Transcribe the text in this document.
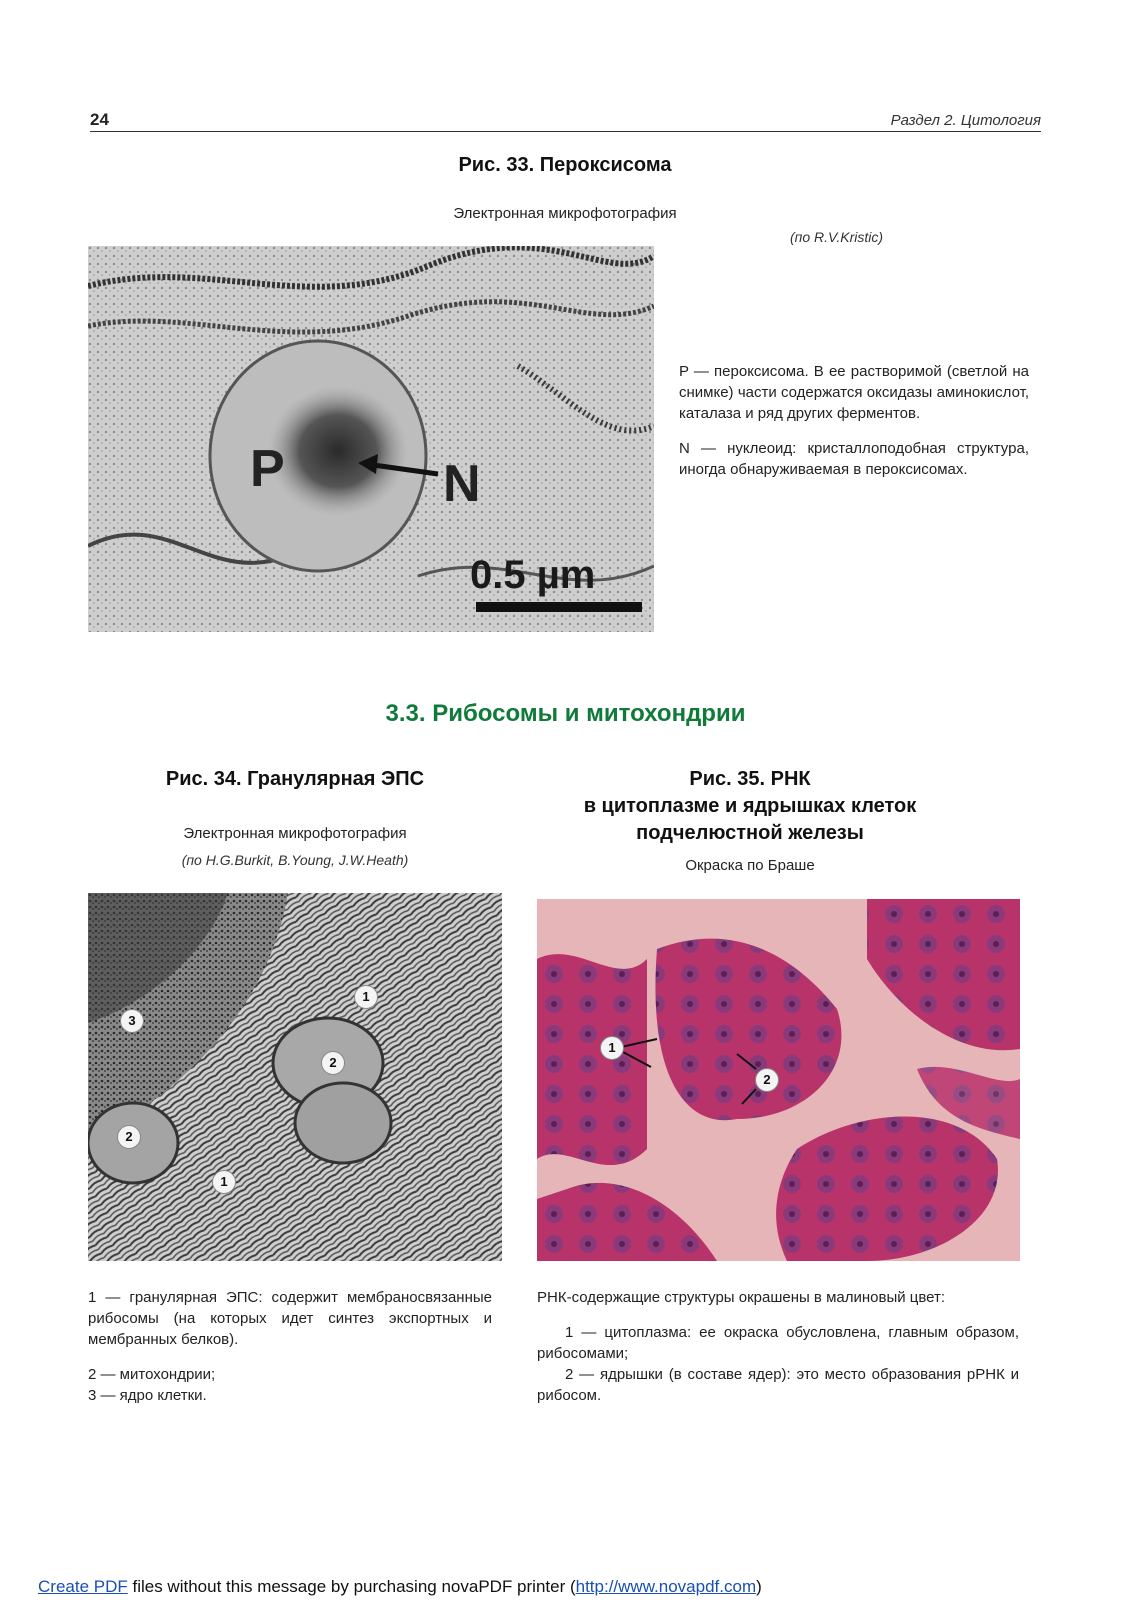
24	Раздел 2. Цитология
Рис. 33. Пероксисома
Электронная микрофотография
(по R.V.Kristic)
P	N
0.5 µm

P — пероксисома. В ее растворимой (светлой на снимке) части содержатся оксидазы аминокислот, каталаза и ряд других ферментов.

N — нуклеоид: кристаллоподобная структура, иногда обнаруживаемая в пероксисомах.

3.3. Рибосомы и митохондрии
Рис. 34. Гранулярная ЭПС
Электронная микрофотография
(по H.G.Burkit, B.Young, J.W.Heath)
1
2
3
2
1

1 — гранулярная ЭПС: содержит мембраносвязанные рибосомы (на которых идет синтез экспортных и мембранных белков).

2 — митохондрии;

3 — ядро клетки.

Рис. 35. РНК
в цитоплазме и ядрышках клеток
подчелюстной железы
Окраска по Браше
1
2

РНК-содержащие структуры окрашены в малиновый цвет:

1 — цитоплазма: ее окраска обусловлена, главным образом, рибосомами;

2 — ядрышки (в составе ядер): это место образования рРНК и рибосом.

Create PDF files without this message by purchasing novaPDF printer (http://www.novapdf.com)
